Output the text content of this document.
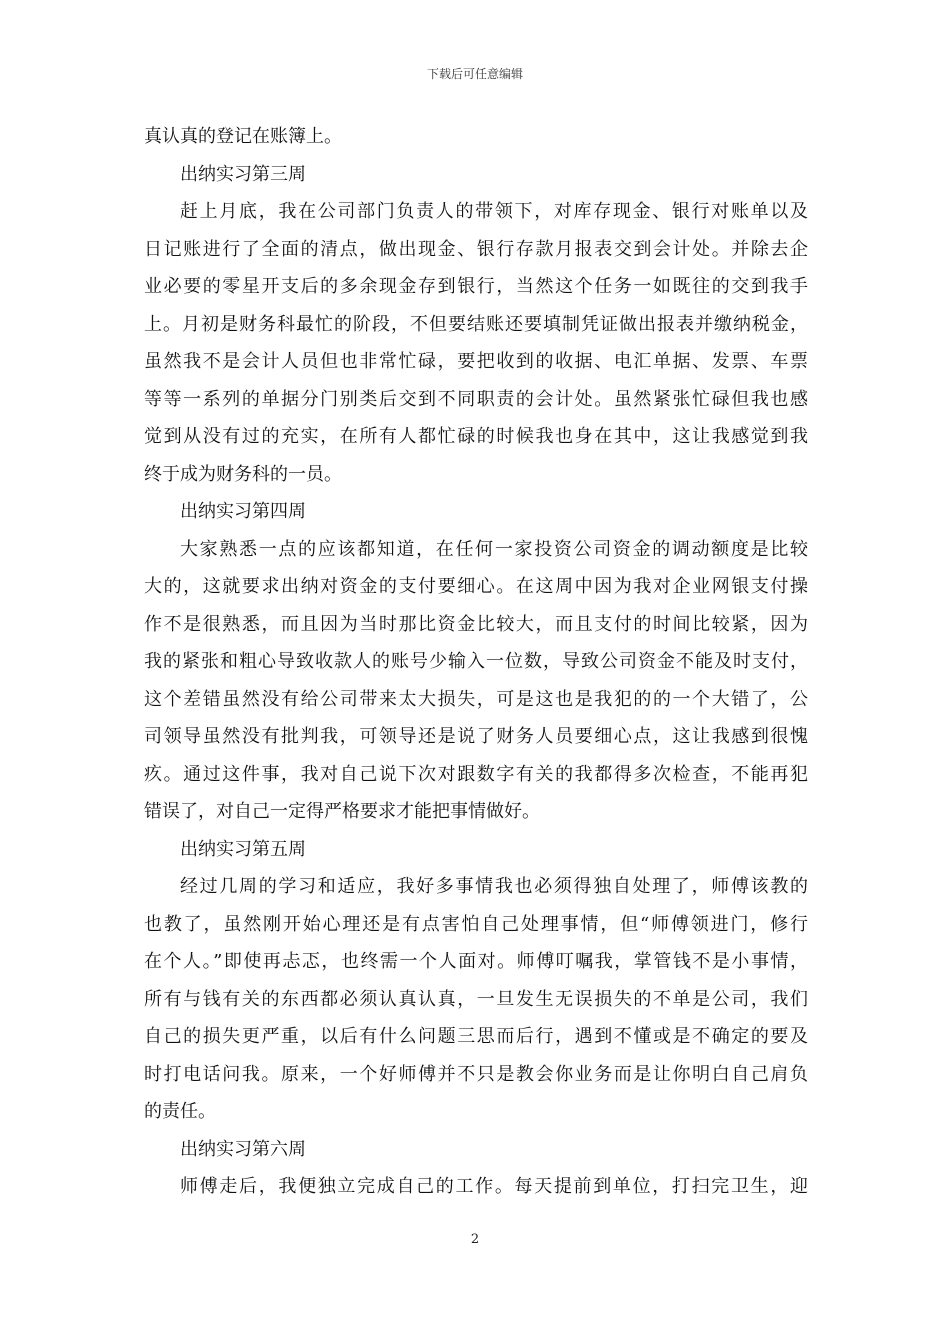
下载后可任意编辑
真认真的登记在账簿上。
出纳实习第三周
赶上月底，我在公司部门负责人的带领下，对库存现金、银行对账单以及
日记账进行了全面的清点，做出现金、银行存款月报表交到会计处。并除去企
业必要的零星开支后的多余现金存到银行，当然这个任务一如既往的交到我手
上。月初是财务科最忙的阶段，不但要结账还要填制凭证做出报表并缴纳税金，
虽然我不是会计人员但也非常忙碌，要把收到的收据、电汇单据、发票、车票
等等一系列的单据分门别类后交到不同职责的会计处。虽然紧张忙碌但我也感
觉到从没有过的充实，在所有人都忙碌的时候我也身在其中，这让我感觉到我
终于成为财务科的一员。
出纳实习第四周
大家熟悉一点的应该都知道，在任何一家投资公司资金的调动额度是比较
大的，这就要求出纳对资金的支付要细心。在这周中因为我对企业网银支付操
作不是很熟悉，而且因为当时那比资金比较大，而且支付的时间比较紧，因为
我的紧张和粗心导致收款人的账号少输入一位数，导致公司资金不能及时支付，
这个差错虽然没有给公司带来太大损失，可是这也是我犯的的一个大错了，公
司领导虽然没有批判我，可领导还是说了财务人员要细心点，这让我感到很愧
疚。通过这件事，我对自己说下次对跟数字有关的我都得多次检查，不能再犯
错误了，对自己一定得严格要求才能把事情做好。
出纳实习第五周
经过几周的学习和适应，我好多事情我也必须得独自处理了，师傅该教的
也教了，虽然刚开始心理还是有点害怕自己处理事情，但“师傅领进门，修行
在个人。”即使再忐忑，也终需一个人面对。师傅叮嘱我，掌管钱不是小事情，
所有与钱有关的东西都必须认真认真，一旦发生无误损失的不单是公司，我们
自己的损失更严重，以后有什么问题三思而后行，遇到不懂或是不确定的要及
时打电话问我。原来，一个好师傅并不只是教会你业务而是让你明白自己肩负
的责任。
出纳实习第六周
师傅走后，我便独立完成自己的工作。每天提前到单位，打扫完卫生，迎
2
